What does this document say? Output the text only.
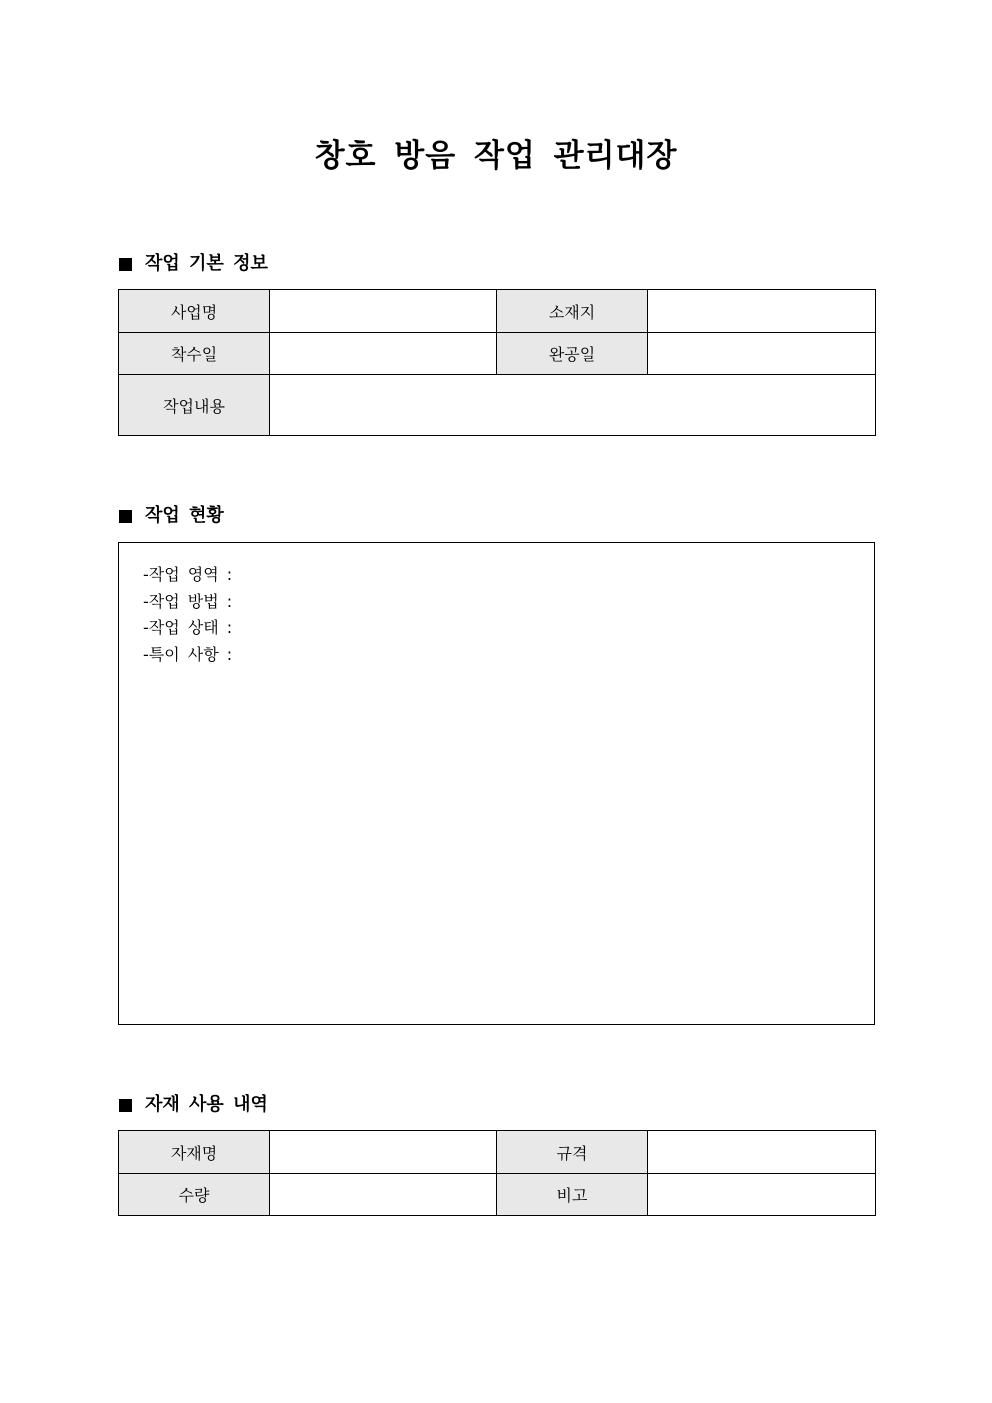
창호 방음 작업 관리대장
작업 기본 정보
사업명		소재지	
착수일		완공일	
작업내용			
작업 현황
-작업 영역 :
-작업 방법 :
-작업 상태 :
-특이 사항 :
자재 사용 내역
자재명		규격	
수량		비고	
